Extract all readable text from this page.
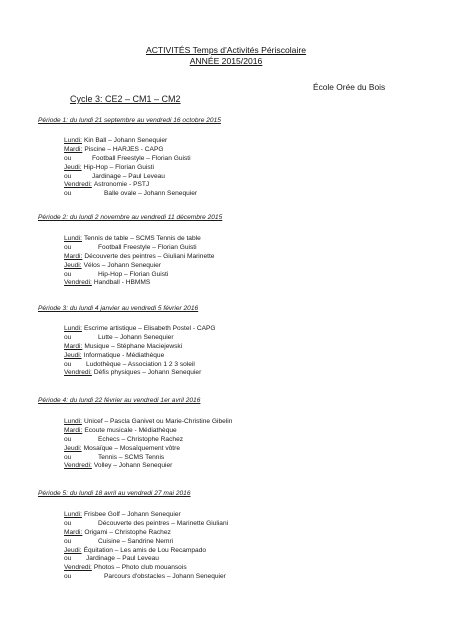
ACTIVITÉS Temps d'Activités Périscolaire
ANNÉE 2015/2016
École Orée du Bois
Cycle 3: CE2 – CM1 – CM2
Période 1: du lundi 21 septembre au vendredi 16 octobre 2015
Lundi: Kin Ball – Johann Senequier
Mardi: Piscine – HARJES - CAPG
ou	Football Freestyle – Florian Guisti
Jeudi: Hip-Hop – Florian Guisti
ou	Jardinage – Paul Leveau
Vendredi: Astronomie - PSTJ
ou	Balle ovale – Johann Senequier
Période 2: du lundi 2 novembre au vendredi 11 décembre 2015
Lundi: Tennis de table – SCMS Tennis de table
ou	Football Freestyle – Florian Guisti
Mardi: Découverte des peintres – Giuliani Marinette
Jeudi: Vélos – Johann Senequier
ou	Hip-Hop – Florian Guisti
Vendredi: Handball - HBMMS
Période 3: du lundi 4 janvier au vendredi 5 février 2016
Lundi: Escrime artistique – Elisabeth Postel - CAPG
ou	Lutte – Johann Senequier
Mardi: Musique – Stéphane Maciejewski
Jeudi: Informatique - Médiathèque
ou	Ludothèque – Association 1 2 3 soleil
Vendredi: Défis physiques – Johann Senequier
Période 4: du lundi 22 février au vendredi 1er avril 2016
Lundi: Unicef – Pascla Ganivet ou Marie-Christine Gibelin
Mardi: Ecoute musicale - Médiathèque
ou	Echecs – Christophe Rachez
Jeudi: Mosaïque – Mosaïquement vôtre
ou	Tennis – SCMS Tennis
Vendredi: Volley – Johann Senequier
Période 5: du lundi 18 avril au vendredi 27 mai 2016
Lundi: Frisbee Golf – Johann Senequier
ou	Découverte des peintres – Marinette Giuliani
Mardi: Origami – Christophe Rachez
ou	Cuisine – Sandrine Nemri
Jeudi: Équitation – Les amis de Lou Recampado
ou	Jardinage – Paul Leveau
Vendredi: Photos – Photo club mouansois
ou	Parcours d'obstacles – Johann Senequier
